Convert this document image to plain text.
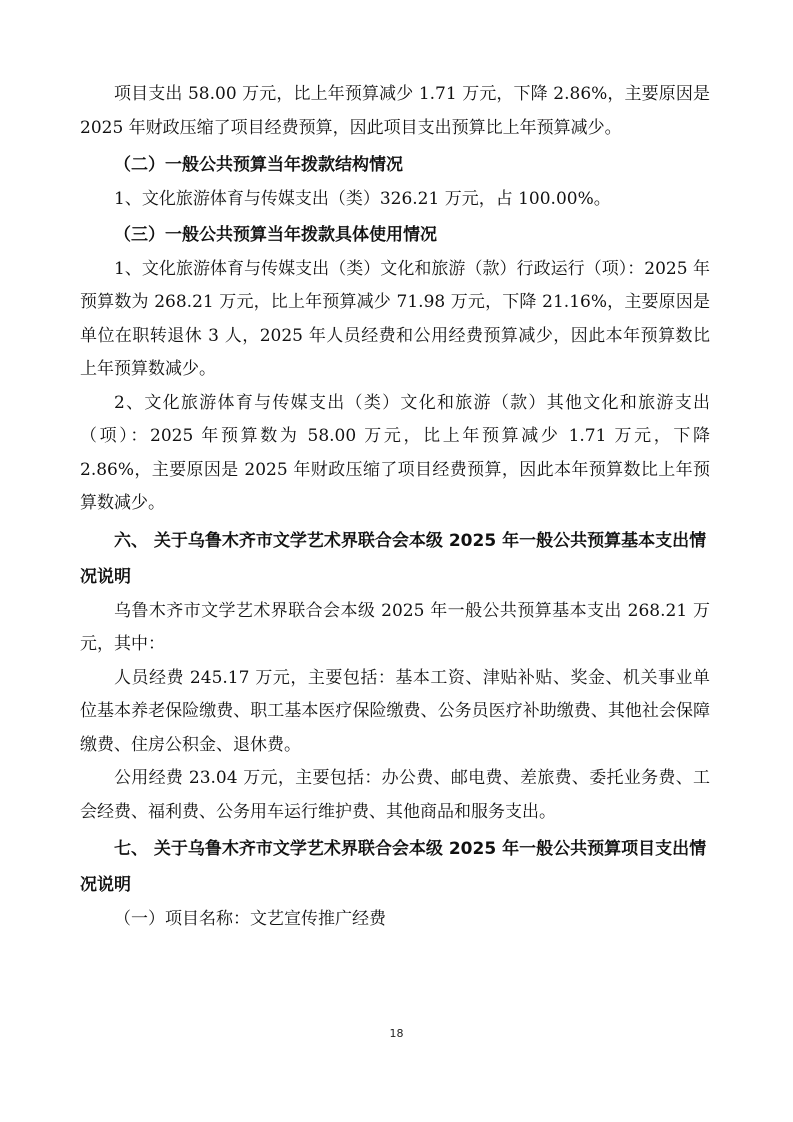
项目支出 58.00 万元，比上年预算减少 1.71 万元，下降 2.86%，主要原因是 2025 年财政压缩了项目经费预算，因此项目支出预算比上年预算减少。

（二）一般公共预算当年拨款结构情况

1、文化旅游体育与传媒支出（类）326.21 万元，占 100.00%。

（三）一般公共预算当年拨款具体使用情况

1、文化旅游体育与传媒支出（类）文化和旅游（款）行政运行（项）：2025 年预算数为 268.21 万元，比上年预算减少 71.98 万元，下降 21.16%，主要原因是单位在职转退休 3 人，2025 年人员经费和公用经费预算减少，因此本年预算数比上年预算数减少。

2、文化旅游体育与传媒支出（类）文化和旅游（款）其他文化和旅游支出（项）：2025 年预算数为 58.00 万元，比上年预算减少 1.71 万元，下降 2.86%，主要原因是 2025 年财政压缩了项目经费预算，因此本年预算数比上年预算数减少。

六、 关于乌鲁木齐市文学艺术界联合会本级 2025 年一般公共预算基本支出情况说明

乌鲁木齐市文学艺术界联合会本级 2025 年一般公共预算基本支出 268.21 万元，其中：

人员经费 245.17 万元，主要包括：基本工资、津贴补贴、奖金、机关事业单位基本养老保险缴费、职工基本医疗保险缴费、公务员医疗补助缴费、其他社会保障缴费、住房公积金、退休费。

公用经费 23.04 万元，主要包括：办公费、邮电费、差旅费、委托业务费、工会经费、福利费、公务用车运行维护费、其他商品和服务支出。

七、 关于乌鲁木齐市文学艺术界联合会本级 2025 年一般公共预算项目支出情况说明

（一）项目名称：文艺宣传推广经费

18
